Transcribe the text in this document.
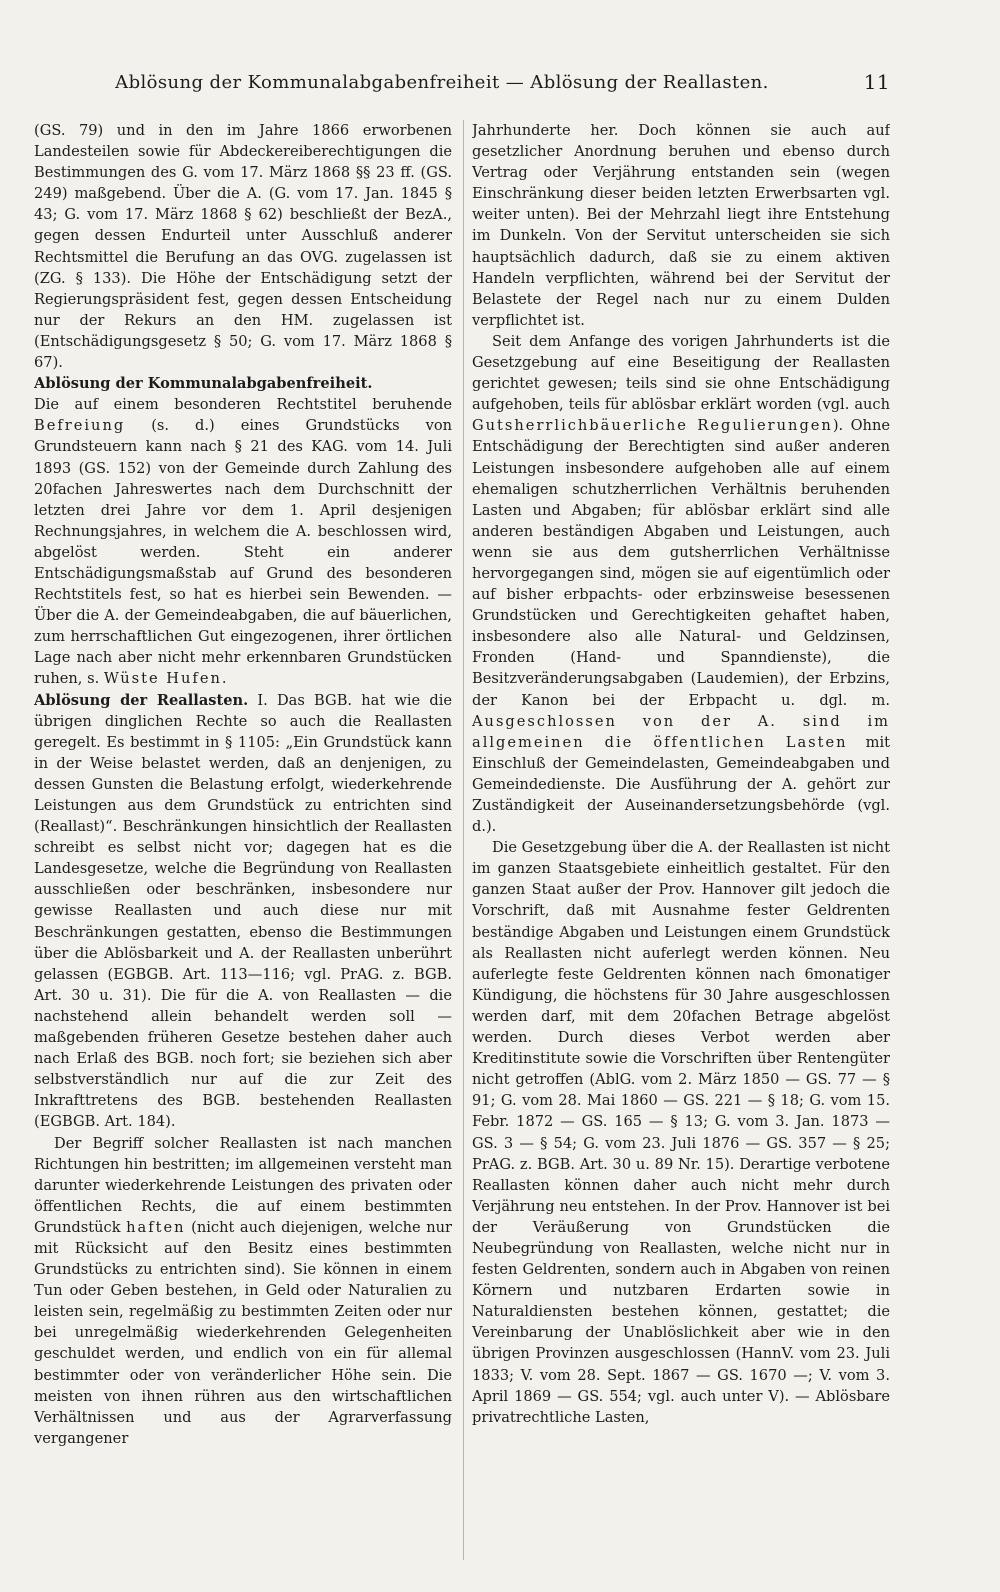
Ablösung der Kommunalabgabenfreiheit — Ablösung der Reallasten.	11

(GS. 79) und in den im Jahre 1866 erworbenen Landesteilen sowie für Abdeckereiberechtigungen die Bestimmungen des G. vom 17. März 1868 §§ 23 ff. (GS. 249) maßgebend. Über die A. (G. vom 17. Jan. 1845 § 43; G. vom 17. März 1868 § 62) beschließt der BezA., gegen dessen Endurteil unter Ausschluß anderer Rechtsmittel die Berufung an das OVG. zugelassen ist (ZG. § 133). Die Höhe der Entschädigung setzt der Regierungspräsident fest, gegen dessen Entscheidung nur der Rekurs an den HM. zugelassen ist (Entschädigungsgesetz § 50; G. vom 17. März 1868 § 67).

Ablösung der Kommunalabgabenfreiheit.

Die auf einem besonderen Rechtstitel beruhende Befreiung (s. d.) eines Grundstücks von Grundsteuern kann nach § 21 des KAG. vom 14. Juli 1893 (GS. 152) von der Gemeinde durch Zahlung des 20fachen Jahreswertes nach dem Durchschnitt der letzten drei Jahre vor dem 1. April desjenigen Rechnungsjahres, in welchem die A. beschlossen wird, abgelöst werden. Steht ein anderer Entschädigungsmaßstab auf Grund des besonderen Rechtstitels fest, so hat es hierbei sein Bewenden. — Über die A. der Gemeindeabgaben, die auf bäuerlichen, zum herrschaftlichen Gut eingezogenen, ihrer örtlichen Lage nach aber nicht mehr erkennbaren Grundstücken ruhen, s. Wüste Hufen.

Ablösung der Reallasten. I. Das BGB. hat wie die übrigen dinglichen Rechte so auch die Reallasten geregelt. Es bestimmt in § 1105: „Ein Grundstück kann in der Weise belastet werden, daß an denjenigen, zu dessen Gunsten die Belastung erfolgt, wiederkehrende Leistungen aus dem Grundstück zu entrichten sind (Reallast)“. Beschränkungen hinsichtlich der Reallasten schreibt es selbst nicht vor; dagegen hat es die Landesgesetze, welche die Begründung von Reallasten ausschließen oder beschränken, insbesondere nur gewisse Reallasten und auch diese nur mit Beschränkungen gestatten, ebenso die Bestimmungen über die Ablösbarkeit und A. der Reallasten unberührt gelassen (EGBGB. Art. 113—116; vgl. PrAG. z. BGB. Art. 30 u. 31). Die für die A. von Reallasten — die nachstehend allein behandelt werden soll — maßgebenden früheren Gesetze bestehen daher auch nach Erlaß des BGB. noch fort; sie beziehen sich aber selbstverständlich nur auf die zur Zeit des Inkrafttretens des BGB. bestehenden Reallasten (EGBGB. Art. 184).

Der Begriff solcher Reallasten ist nach manchen Richtungen hin bestritten; im allgemeinen versteht man darunter wiederkehrende Leistungen des privaten oder öffentlichen Rechts, die auf einem bestimmten Grundstück haften (nicht auch diejenigen, welche nur mit Rücksicht auf den Besitz eines bestimmten Grundstücks zu entrichten sind). Sie können in einem Tun oder Geben bestehen, in Geld oder Naturalien zu leisten sein, regelmäßig zu bestimmten Zeiten oder nur bei unregelmäßig wiederkehrenden Gelegenheiten geschuldet werden, und endlich von ein für allemal bestimmter oder von veränderlicher Höhe sein. Die meisten von ihnen rühren aus den wirtschaftlichen Verhältnissen und aus der Agrarverfassung vergangener

Jahrhunderte her. Doch können sie auch auf gesetzlicher Anordnung beruhen und ebenso durch Vertrag oder Verjährung entstanden sein (wegen Einschränkung dieser beiden letzten Erwerbsarten vgl. weiter unten). Bei der Mehrzahl liegt ihre Entstehung im Dunkeln. Von der Servitut unterscheiden sie sich hauptsächlich dadurch, daß sie zu einem aktiven Handeln verpflichten, während bei der Servitut der Belastete der Regel nach nur zu einem Dulden verpflichtet ist.

Seit dem Anfange des vorigen Jahrhunderts ist die Gesetzgebung auf eine Beseitigung der Reallasten gerichtet gewesen; teils sind sie ohne Entschädigung aufgehoben, teils für ablösbar erklärt worden (vgl. auch Gutsherrlichbäuerliche Regulierungen). Ohne Entschädigung der Berechtigten sind außer anderen Leistungen insbesondere aufgehoben alle auf einem ehemaligen schutzherrlichen Verhältnis beruhenden Lasten und Abgaben; für ablösbar erklärt sind alle anderen beständigen Abgaben und Leistungen, auch wenn sie aus dem gutsherrlichen Verhältnisse hervorgegangen sind, mögen sie auf eigentümlich oder auf bisher erbpachts- oder erbzinsweise besessenen Grundstücken und Gerechtigkeiten gehaftet haben, insbesondere also alle Natural- und Geldzinsen, Fronden (Hand- und Spanndienste), die Besitzveränderungsabgaben (Laudemien), der Erbzins, der Kanon bei der Erbpacht u. dgl. m. Ausgeschlossen von der A. sind im allgemeinen die öffentlichen Lasten mit Einschluß der Gemeindelasten, Gemeindeabgaben und Gemeindedienste. Die Ausführung der A. gehört zur Zuständigkeit der Auseinandersetzungsbehörde (vgl. d.).

Die Gesetzgebung über die A. der Reallasten ist nicht im ganzen Staatsgebiete einheitlich gestaltet. Für den ganzen Staat außer der Prov. Hannover gilt jedoch die Vorschrift, daß mit Ausnahme fester Geldrenten beständige Abgaben und Leistungen einem Grundstück als Reallasten nicht auferlegt werden können. Neu auferlegte feste Geldrenten können nach 6monatiger Kündigung, die höchstens für 30 Jahre ausgeschlossen werden darf, mit dem 20fachen Betrage abgelöst werden. Durch dieses Verbot werden aber Kreditinstitute sowie die Vorschriften über Rentengüter nicht getroffen (AblG. vom 2. März 1850 — GS. 77 — § 91; G. vom 28. Mai 1860 — GS. 221 — § 18; G. vom 15. Febr. 1872 — GS. 165 — § 13; G. vom 3. Jan. 1873 — GS. 3 — § 54; G. vom 23. Juli 1876 — GS. 357 — § 25; PrAG. z. BGB. Art. 30 u. 89 Nr. 15). Derartige verbotene Reallasten können daher auch nicht mehr durch Verjährung neu entstehen. In der Prov. Hannover ist bei der Veräußerung von Grundstücken die Neubegründung von Reallasten, welche nicht nur in festen Geldrenten, sondern auch in Abgaben von reinen Körnern und nutzbaren Erdarten sowie in Naturaldiensten bestehen können, gestattet; die Vereinbarung der Unablöslichkeit aber wie in den übrigen Provinzen ausgeschlossen (HannV. vom 23. Juli 1833; V. vom 28. Sept. 1867 — GS. 1670 —; V. vom 3. April 1869 — GS. 554; vgl. auch unter V). — Ablösbare privatrechtliche Lasten,
